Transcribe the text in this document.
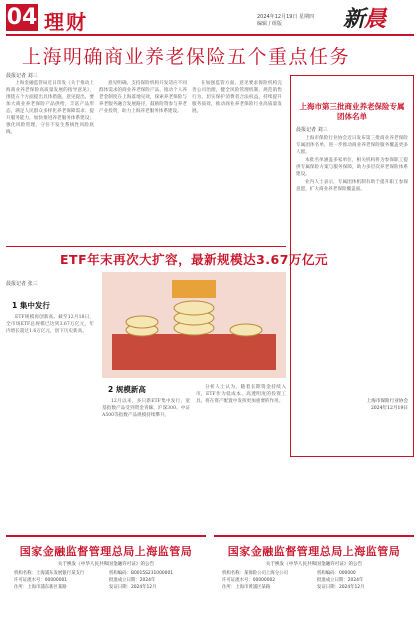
04 理财	2024年12月19日 星期四
编辑 / 组版	新晨
上海明确商业养老保险五个重点任务
晨报记者 刘三

上海金融监管局近日印发《关于推动上海商业养老保险高质量发展的指导意见》，围绕五个方面提出具体措施。意见提出，要加大商业养老保险产品供给，丰富产品形态，满足人民群众多样化养老保障需求；提升服务能力，加快推进养老服务体系建设；强化风险管理，守住不发生系统性风险底线。

意见明确，支持保险机构开发适应不同群体需求的商业养老保险产品，推动个人养老金制度在上海落地见效，探索养老保险与养老服务融合发展路径，鼓励险资参与养老产业投资，助力上海养老服务体系建设。

在加强监管方面，意见要求保险机构完善公司治理，健全风险管理机制，规范销售行为，切实保护消费者合法权益，持续提升服务质效，推动商业养老保险行业高质量发展。

上海市第三批商业养老保险专属团体名单
晨报记者 刘三

上海市保险行业协会近日发布第三批商业养老保险专属团体名单，进一步推动商业养老保险服务覆盖更多人群。

本批名单涵盖多家单位，相关机构将为参保职工提供专属保险方案与服务保障，助力多层次养老保险体系建设。

业内人士表示，专属团体机制有助于提升职工参保意愿，扩大商业养老保险覆盖面。

上海市保险行业协会
2024年12月19日
ETF年末再次大扩容，最新规模达3.67万亿元
晨报记者 张三
1 集中发行

ETF规模再创新高。截至12月18日，全市场ETF总规模已达到3.67万亿元，年内增长超过1.6万亿元，创下历史新高。

2 规模新高

12月以来，多只新ETF集中发行，宽基指数产品受到资金青睐，沪深300、中证A500等指数产品规模持续攀升。

分析人士认为，随着长期资金持续入市，ETF作为低成本、高透明度的投资工具，将在资产配置中发挥更加重要的作用。

国家金融监督管理总局上海监管局
关于换发《中华人民共和国金融许可证》的公告
机构名称：上海浦东发展银行某支行	机构编码：B0015S231000001
许可证流水号：00000001	批准成立日期：2024年
住所：上海市浦东新区某路	发证日期：2024年12月
国家金融监督管理总局上海监管局
关于换发《中华人民共和国金融许可证》的公告
机构名称：某保险公司上海分公司	机构编码：000000
许可证流水号：00000002	批准成立日期：2024年
住所：上海市黄浦区某路	发证日期：2024年12月
